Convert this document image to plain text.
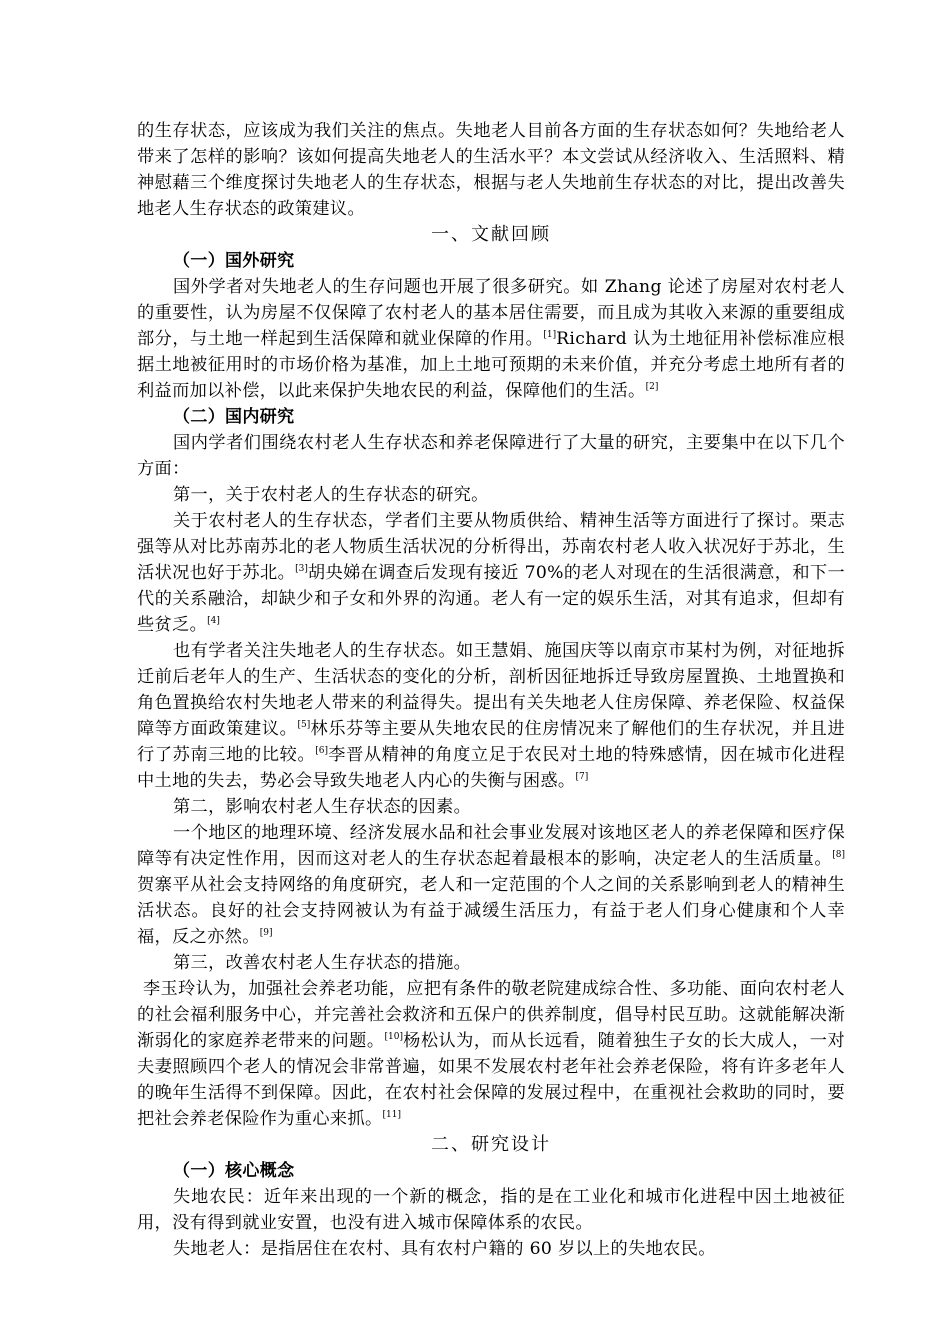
的生存状态，应该成为我们关注的焦点。失地老人目前各方面的生存状态如何？失地给老人带来了怎样的影响？该如何提高失地老人的生活水平？本文尝试从经济收入、生活照料、精神慰藉三个维度探讨失地老人的生存状态，根据与老人失地前生存状态的对比，提出改善失地老人生存状态的政策建议。

一、文献回顾
（一）国外研究

国外学者对失地老人的生存问题也开展了很多研究。如 Zhang 论述了房屋对农村老人的重要性，认为房屋不仅保障了农村老人的基本居住需要，而且成为其收入来源的重要组成部分，与土地一样起到生活保障和就业保障的作用。[1]Richard 认为土地征用补偿标准应根据土地被征用时的市场价格为基准，加上土地可预期的未来价值，并充分考虑土地所有者的利益而加以补偿，以此来保护失地农民的利益，保障他们的生活。[2]

（二）国内研究

国内学者们围绕农村老人生存状态和养老保障进行了大量的研究，主要集中在以下几个方面：

第一，关于农村老人的生存状态的研究。

关于农村老人的生存状态，学者们主要从物质供给、精神生活等方面进行了探讨。栗志强等从对比苏南苏北的老人物质生活状况的分析得出，苏南农村老人收入状况好于苏北，生活状况也好于苏北。[3]胡央娣在调查后发现有接近 70%的老人对现在的生活很满意，和下一代的关系融洽，却缺少和子女和外界的沟通。老人有一定的娱乐生活，对其有追求，但却有些贫乏。[4]

也有学者关注失地老人的生存状态。如王慧娟、施国庆等以南京市某村为例，对征地拆迁前后老年人的生产、生活状态的变化的分析，剖析因征地拆迁导致房屋置换、土地置换和角色置换给农村失地老人带来的利益得失。提出有关失地老人住房保障、养老保险、权益保障等方面政策建议。[5]林乐芬等主要从失地农民的住房情况来了解他们的生存状况，并且进行了苏南三地的比较。[6]李晋从精神的角度立足于农民对土地的特殊感情，因在城市化进程中土地的失去，势必会导致失地老人内心的失衡与困惑。[7]

第二，影响农村老人生存状态的因素。

一个地区的地理环境、经济发展水品和社会事业发展对该地区老人的养老保障和医疗保障等有决定性作用，因而这对老人的生存状态起着最根本的影响，决定老人的生活质量。[8]贺寨平从社会支持网络的角度研究，老人和一定范围的个人之间的关系影响到老人的精神生活状态。良好的社会支持网被认为有益于减缓生活压力，有益于老人们身心健康和个人幸福，反之亦然。[9]

第三，改善农村老人生存状态的措施。

李玉玲认为，加强社会养老功能，应把有条件的敬老院建成综合性、多功能、面向农村老人的社会福利服务中心，并完善社会救济和五保户的供养制度，倡导村民互助。这就能解决渐渐弱化的家庭养老带来的问题。[10]杨松认为，而从长远看，随着独生子女的长大成人，一对夫妻照顾四个老人的情况会非常普遍，如果不发展农村老年社会养老保险，将有许多老年人的晚年生活得不到保障。因此，在农村社会保障的发展过程中，在重视社会救助的同时，要把社会养老保险作为重心来抓。[11]

二、研究设计
（一）核心概念

失地农民：近年来出现的一个新的概念，指的是在工业化和城市化进程中因土地被征用，没有得到就业安置，也没有进入城市保障体系的农民。

失地老人：是指居住在农村、具有农村户籍的 60 岁以上的失地农民。
